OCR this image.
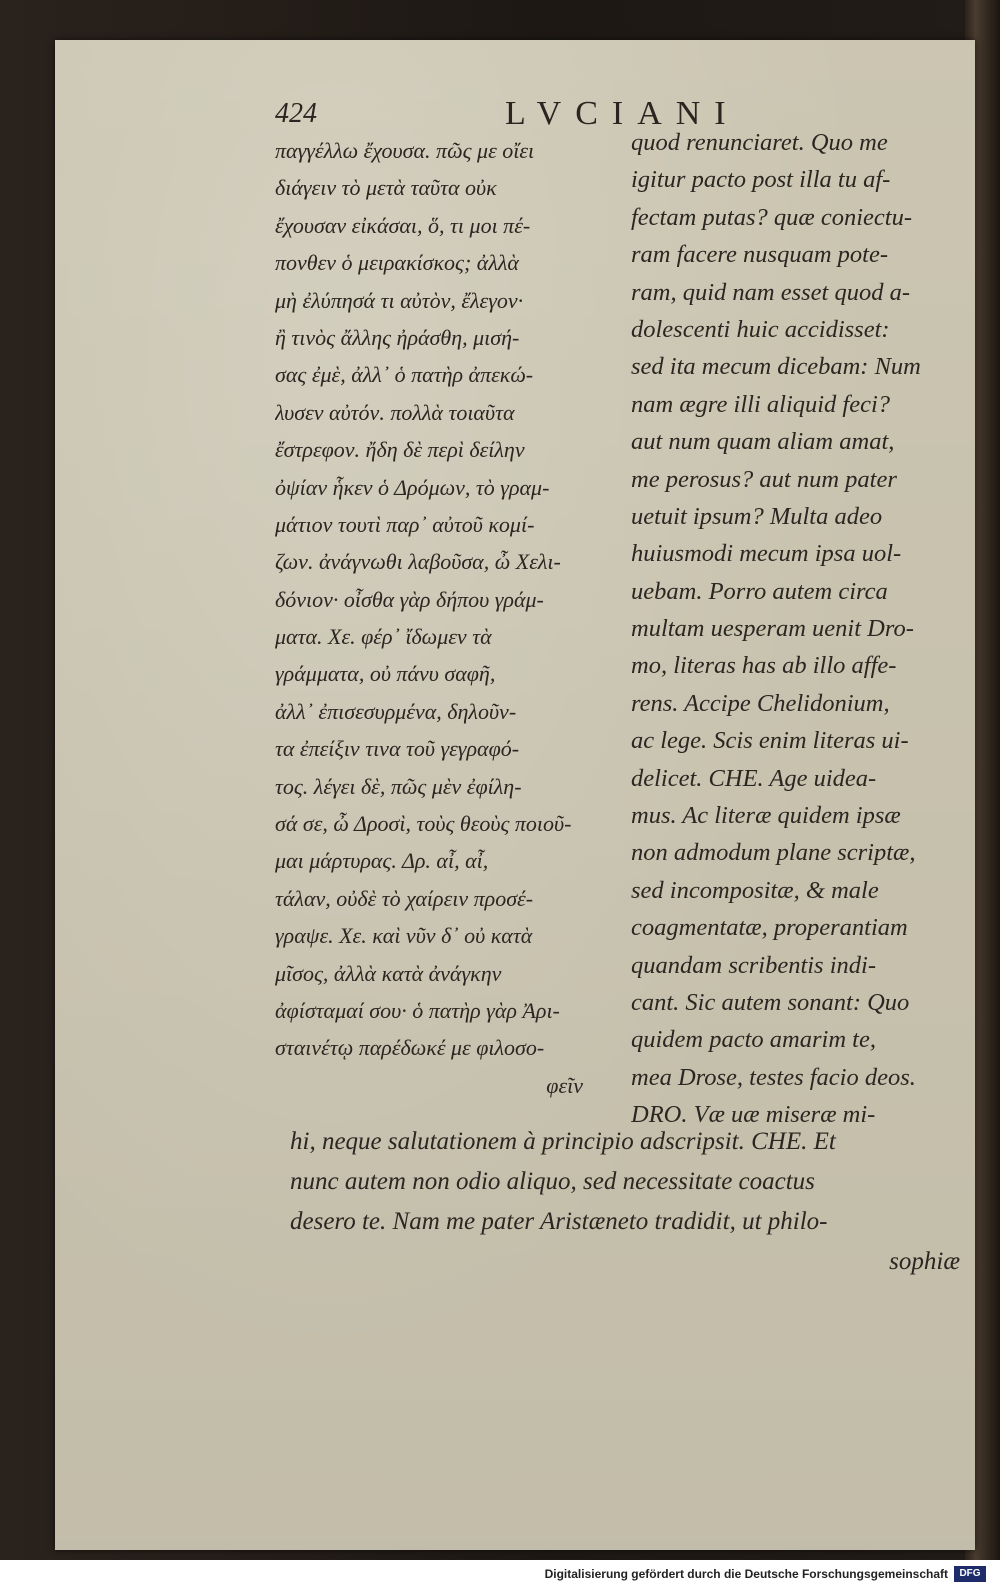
424	LVCIANI
παγγέλλω ἔχουσα. πῶς με οἴει
διάγειν τὸ μετὰ ταῦτα οὐκ
ἔχουσαν εἰκάσαι, ὅ, τι μοι πέ-
πονθεν ὁ μειρακίσκος; ἀλλὰ
μὴ ἐλύπησά τι αὐτὸν, ἔλεγον·
ἢ τινὸς ἄλλης ἠράσθη, μισή-
σας ἐμὲ, ἀλλ᾽ ὁ πατὴρ ἀπεκώ-
λυσεν αὐτόν. πολλὰ τοιαῦτα
ἔστρεφον. ἤδη δὲ περὶ δείλην
ὀψίαν ἧκεν ὁ Δρόμων, τὸ γραμ-
μάτιον τουτὶ παρ᾽ αὐτοῦ κομί-
ζων. ἀνάγνωθι λαβοῦσα, ὦ Χελι-
δόνιον· οἶσθα γὰρ δήπου γράμ-
ματα. Χε. φέρ᾽ ἴδωμεν τὰ
γράμματα, οὐ πάνυ σαφῆ,
ἀλλ᾽ ἐπισεσυρμένα, δηλοῦν-
τα ἐπείξιν τινα τοῦ γεγραφό-
τος. λέγει δὲ, πῶς μὲν ἐφίλη-
σά σε, ὦ Δροσὶ, τοὺς θεοὺς ποιοῦ-
μαι μάρτυρας. Δρ. αἶ, αἶ,
τάλαν, οὐδὲ τὸ χαίρειν προσέ-
γραψε. Χε. καὶ νῦν δ᾽ οὐ κατὰ
μῖσος, ἀλλὰ κατὰ ἀνάγκην
ἀφίσταμαί σου· ὁ πατὴρ γὰρ Ἀρι-
σταινέτῳ παρέδωκέ με φιλοσο-
φεῖν
quod renunciaret. Quo me
igitur pacto post illa tu af-
fectam putas? quæ coniectu-
ram facere nusquam pote-
ram, quid nam esset quod a-
dolescenti huic accidisset:
sed ita mecum dicebam: Num
nam ægre illi aliquid feci?
aut num quam aliam amat,
me perosus? aut num pater
uetuit ipsum? Multa adeo
huiusmodi mecum ipsa uol-
uebam. Porro autem circa
multam uesperam uenit Dro-
mo, literas has ab illo affe-
rens. Accipe Chelidonium,
ac lege. Scis enim literas ui-
delicet. CHE. Age uidea-
mus. Ac literæ quidem ipsæ
non admodum plane scriptæ,
sed incompositæ, & male
coagmentatæ, properantiam
quandam scribentis indi-
cant. Sic autem sonant: Quo
quidem pacto amarim te,
mea Drose, testes facio deos.
DRO. Væ uæ miseræ mi-
hi, neque salutationem à principio adscripsit. CHE. Et
nunc autem non odio aliquo, sed necessitate coactus
desero te. Nam me pater Aristæneto tradidit, ut philo-
sophiæ
Digitalisierung gefördert durch die Deutsche Forschungsgemeinschaft	DFG
